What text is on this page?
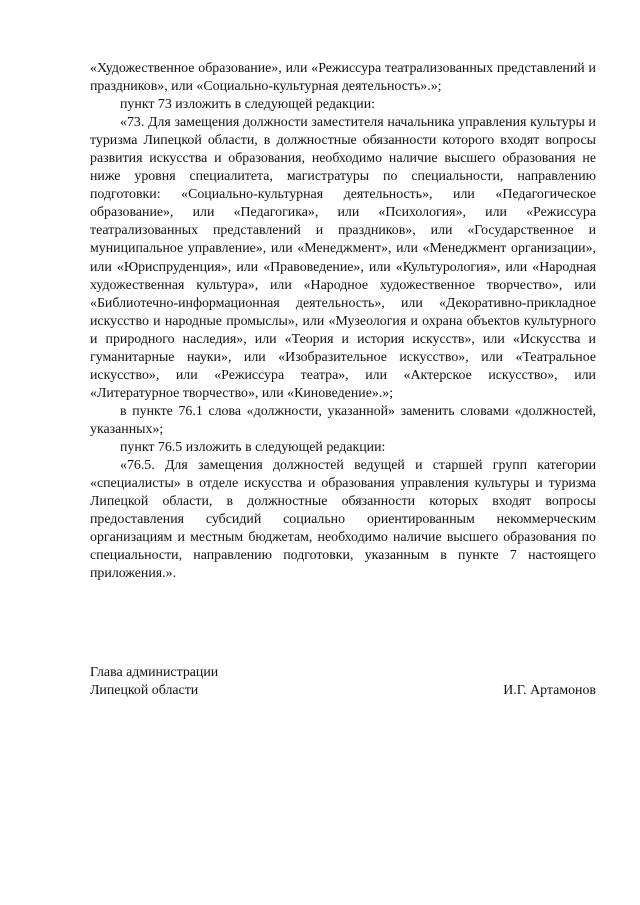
«Художественное образование», или «Режиссура театрализованных представлений и праздников», или «Социально-культурная деятельность».»;

пункт 73 изложить в следующей редакции:

«73. Для замещения должности заместителя начальника управления культуры и туризма Липецкой области, в должностные обязанности которого входят вопросы развития искусства и образования, необходимо наличие высшего образования не ниже уровня специалитета, магистратуры по специальности, направлению подготовки: «Социально-культурная деятельность», или «Педагогическое образование», или «Педагогика», или «Психология», или «Режиссура театрализованных представлений и праздников», или «Государственное и муниципальное управление», или «Менеджмент», или «Менеджмент организации», или «Юриспруденция», или «Правоведение», или «Культурология», или «Народная художественная культура», или «Народное художественное творчество», или «Библиотечно-информационная деятельность», или «Декоративно-прикладное искусство и народные промыслы», или «Музеология и охрана объектов культурного и природного наследия», или «Теория и история искусств», или «Искусства и гуманитарные науки», или «Изобразительное искусство», или «Театральное искусство», или «Режиссура театра», или «Актерское искусство», или «Литературное творчество», или «Киноведение».»;

в пункте 76.1 слова «должности, указанной» заменить словами «должностей, указанных»;

пункт 76.5 изложить в следующей редакции:

«76.5. Для замещения должностей ведущей и старшей групп категории «специалисты» в отделе искусства и образования управления культуры и туризма Липецкой области, в должностные обязанности которых входят вопросы предоставления субсидий социально ориентированным некоммерческим организациям и местным бюджетам, необходимо наличие высшего образования по специальности, направлению подготовки, указанным в пункте 7 настоящего приложения.».

Глава администрации
Липецкой области	И.Г. Артамонов
